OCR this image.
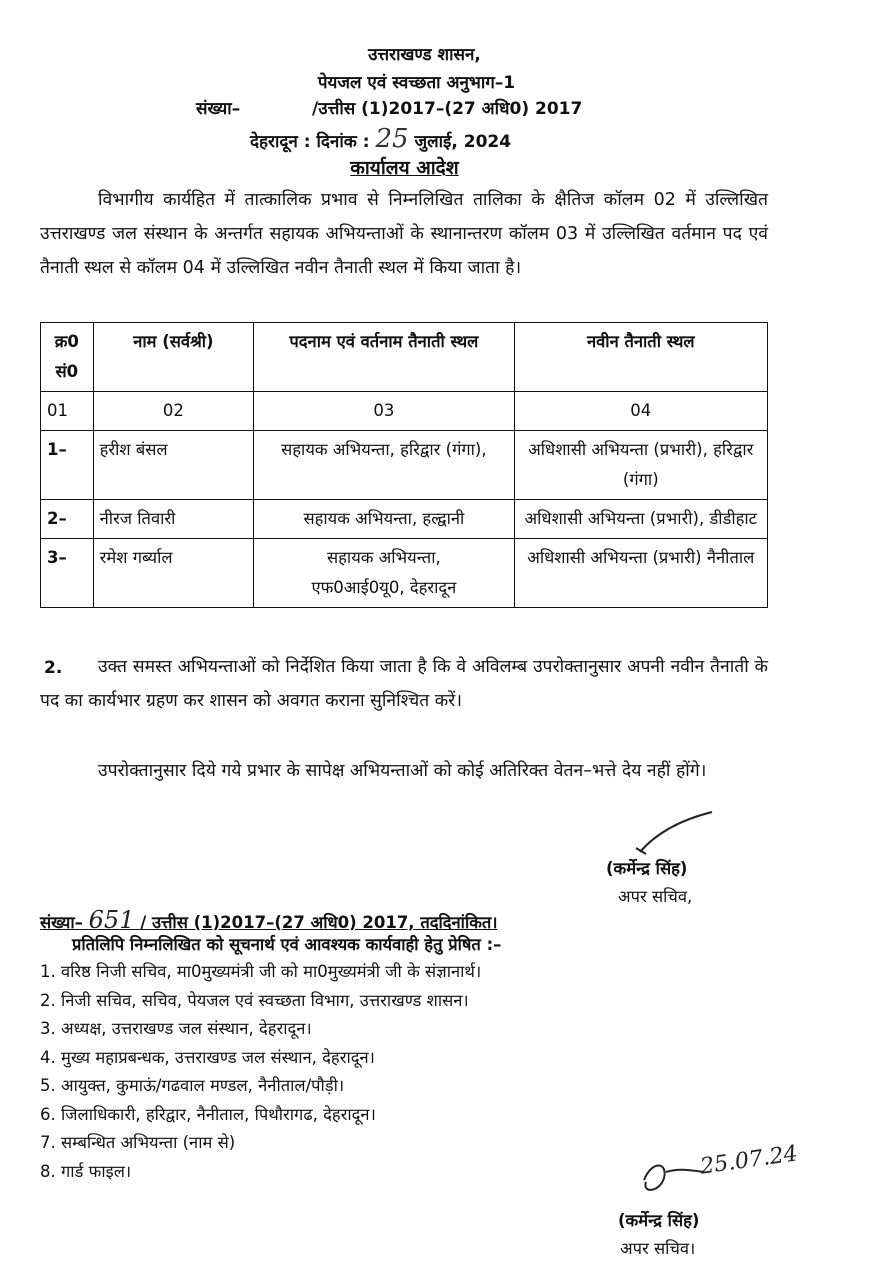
उत्तराखण्ड शासन,
पेयजल एवं स्वच्छता अनुभाग–1
संख्या–	/उत्तीस (1)2017–(27 अधि0) 2017
देहरादून : दिनांक : 25 जुलाई, 2024
कार्यालय आदेश
विभागीय कार्यहित में तात्कालिक प्रभाव से निम्नलिखित तालिका के क्षैतिज कॉलम 02 में उल्लिखित उत्तराखण्ड जल संस्थान के अन्तर्गत सहायक अभियन्ताओं के स्थानान्तरण कॉलम 03 में उल्लिखित वर्तमान पद एवं तैनाती स्थल से कॉलम 04 में उल्लिखित नवीन तैनाती स्थल में किया जाता है।
क्र0 सं0	नाम (सर्वश्री)	पदनाम एवं वर्तनाम तैनाती स्थल	नवीन तैनाती स्थल
01	02	03	04
1–	हरीश बंसल	सहायक अभियन्ता, हरिद्वार (गंगा),	अधिशासी अभियन्ता (प्रभारी), हरिद्वार (गंगा)
2–	नीरज तिवारी	सहायक अभियन्ता, हल्द्वानी	अधिशासी अभियन्ता (प्रभारी), डीडीहाट
3–	रमेश गर्ब्याल	सहायक अभियन्ता, एफ0आई0यू0, देहरादून	अधिशासी अभियन्ता (प्रभारी) नैनीताल
2.	उक्त समस्त अभियन्ताओं को निर्देशित किया जाता है कि वे अविलम्ब उपरोक्तानुसार अपनी नवीन तैनाती के पद का कार्यभार ग्रहण कर शासन को अवगत कराना सुनिश्चित करें।
उपरोक्तानुसार दिये गये प्रभार के सापेक्ष अभियन्ताओं को कोई अतिरिक्त वेतन–भत्ते देय नहीं होंगे।
(कर्मेन्द्र सिंह)
अपर सचिव,
संख्या– 651 / उत्तीस (1)2017–(27 अधि0) 2017, तददिनांकित।
प्रतिलिपि निम्नलिखित को सूचनार्थ एवं आवश्यक कार्यवाही हेतु प्रेषित :–
1. वरिष्ठ निजी सचिव, मा0मुख्यमंत्री जी को मा0मुख्यमंत्री जी के संज्ञानार्थ।
2. निजी सचिव, सचिव, पेयजल एवं स्वच्छता विभाग, उत्तराखण्ड शासन।
3. अध्यक्ष, उत्तराखण्ड जल संस्थान, देहरादून।
4. मुख्य महाप्रबन्धक, उत्तराखण्ड जल संस्थान, देहरादून।
5. आयुक्त, कुमाऊं/गढवाल मण्डल, नैनीताल/पौड़ी।
6. जिलाधिकारी, हरिद्वार, नैनीताल, पिथौरागढ, देहरादून।
7. सम्बन्धित अभियन्ता (नाम से)
8. गार्ड फाइल।	25.07.24
(कर्मेन्द्र सिंह)
अपर सचिव।
